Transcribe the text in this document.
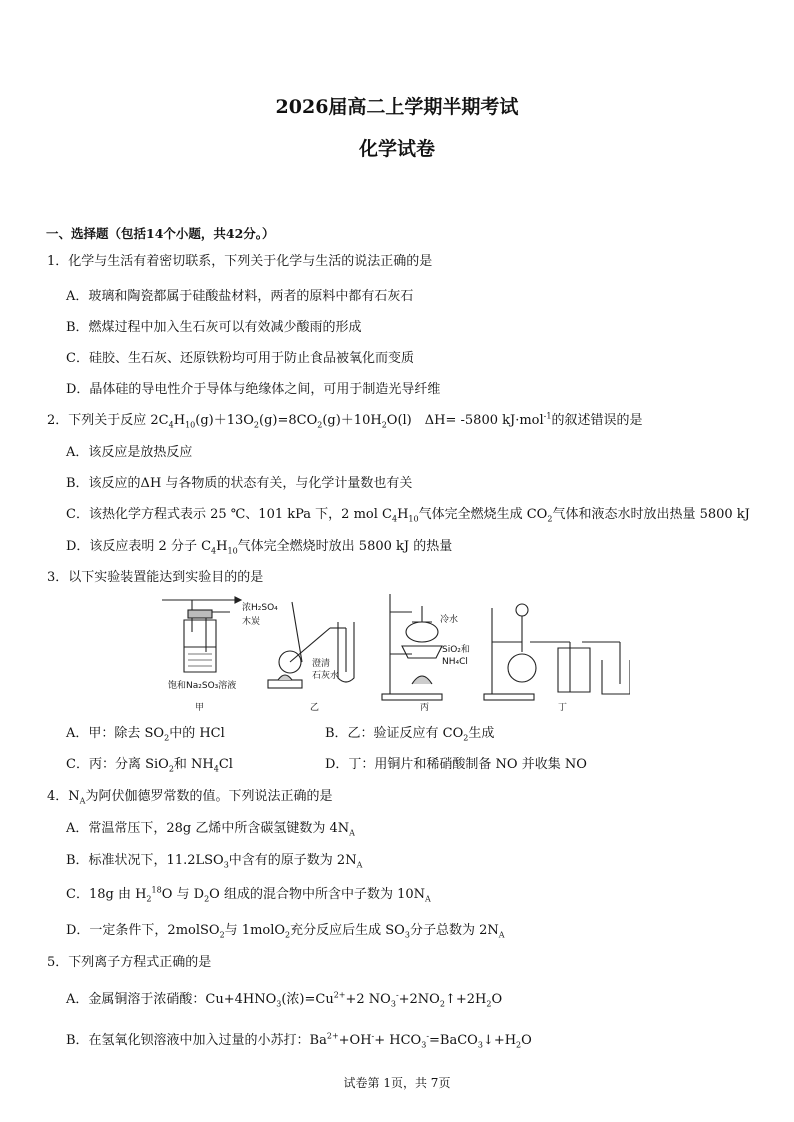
2026届高二上学期半期考试
化学试卷
一、选择题（包括14个小题，共42分。）
1．化学与生活有着密切联系，下列关于化学与生活的说法正确的是
A．玻璃和陶瓷都属于硅酸盐材料，两者的原料中都有石灰石
B．燃煤过程中加入生石灰可以有效减少酸雨的形成
C．硅胶、生石灰、还原铁粉均可用于防止食品被氧化而变质
D．晶体硅的导电性介于导体与绝缘体之间，可用于制造光导纤维
2．下列关于反应 $2C_4H_{10}(g)+13O_2(g)=8CO_2(g)+10H_2O(l)$　ΔH= -5800 kJ·mol$^{-1}$的叙述错误的是
A．该反应是放热反应
B．该反应的ΔH 与各物质的状态有关，与化学计量数也有关
C．该热化学方程式表示 25 ℃、101 kPa 下，2 mol $C_4H_{10}$气体完全燃烧生成 $CO_2$气体和液态水时放出热量 5800 kJ
D．该反应表明 2 分子 $C_4H_{10}$气体完全燃烧时放出 5800 kJ 的热量
3．以下实验装置能达到实验目的的是
饱和Na₂SO₃溶液
甲
浓H₂SO₄
木炭
澄清
石灰水
乙
冷水
SiO₂和
NH₄Cl
丙	丁
A．甲：除去 $SO_2$中的 HCl	B．乙：验证反应有 $CO_2$生成
C．丙：分离 SiO$_2$和 $NH_4Cl$	D．丁：用铜片和稀硝酸制备 NO 并收集 NO
4．$N_A$为阿伏伽德罗常数的值。下列说法正确的是
A．常温常压下，28g 乙烯中所含碳氢键数为 $4N_A$
B．标准状况下，$11.2LSO_3$中含有的原子数为 $2N_A$
C．18g 由 $H_2^{18}O$ 与 $D_2O$ 组成的混合物中所含中子数为 $10N_A$
D．一定条件下，2molSO$_2$与 1molO$_2$充分反应后生成 $SO_3$分子总数为 $2N_A$
5．下列离子方程式正确的是
A．金属铜溶于浓硝酸：$Cu+4HNO_3$(浓)$=Cu^{2+}+2$ $NO_3^-+2NO_2↑+2H_2O$
B．在氢氧化钡溶液中加入过量的小苏打：$Ba^{2+}+OH^-+$ $HCO_3^-=BaCO_3↓+H_2O$
试卷第 1页，共 7页
